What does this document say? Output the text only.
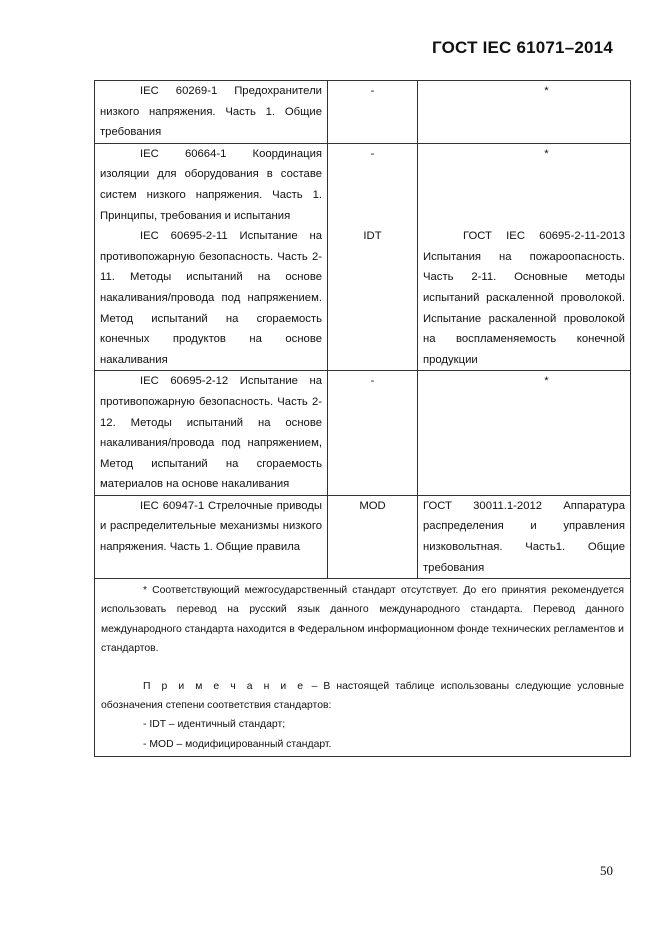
ГОСТ IEC 61071–2014
IEC 60269-1 Предохранители низкого напряжения. Часть 1. Общие требования	-	*
IEC 60664-1 Координация изоляции для оборудования в составе систем низкого напряжения. Часть 1. Принципы, требования и испытания	-	*
IEC 60695-2-11 Испытание на противопожарную безопасность. Часть 2-11. Методы испытаний на основе накаливания/провода под напряжением. Метод испытаний на сгораемость конечных продуктов на основе накаливания	IDT	ГОСТ IEC 60695-2-11-2013 Испытания на пожароопасность. Часть 2-11. Основные методы испытаний раскаленной проволокой. Испытание раскаленной проволокой на воспламеняемость конечной продукции
IEC 60695-2-12 Испытание на противопожарную безопасность. Часть 2-12. Методы испытаний на основе накаливания/провода под напряжением, Метод испытаний на сгораемость материалов на основе накаливания	-	*
IEC 60947-1 Стрелочные приводы и распределительные механизмы низкого напряжения. Часть 1. Общие правила	MOD	ГОСТ 30011.1-2012 Аппаратура распределения и управления низковольтная. Часть1. Общие требования

* Соответствующий межгосударственный стандарт отсутствует. До его принятия рекомендуется использовать перевод на русский язык данного международного стандарта. Перевод данного международного стандарта находится в Федеральном информационном фонде технических регламентов и стандартов.

П р и м е ч а н и е – В настоящей таблице использованы следующие условные обозначения степени соответствия стандартов:

- IDT – идентичный стандарт;

- MOD – модифицированный стандарт.		

50
